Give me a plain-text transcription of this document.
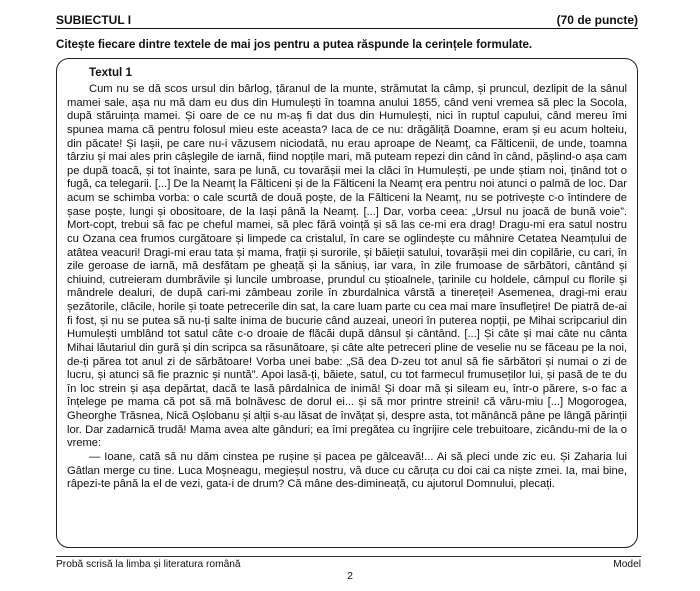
SUBIECTUL I	(70 de puncte)
Citește fiecare dintre textele de mai jos pentru a putea răspunde la cerințele formulate.
Textul 1

Cum nu se dă scos ursul din bârlog, țăranul de la munte, strămutat la câmp, și pruncul, dezlipit de la sânul mamei sale, așa nu mă dam eu dus din Humulești în toamna anului 1855, când veni vremea să plec la Socola, după stăruința mamei. Și oare de ce nu m-aș fi dat dus din Humulești, nici în ruptul capului, când mereu îmi spunea mama că pentru folosul mieu este aceasta? Iaca de ce nu: drăgăliță Doamne, eram și eu acum holteiu, din păcate! Și Iașii, pe care nu-i văzusem niciodată, nu erau aproape de Neamț, ca Fălticenii, de unde, toamna târziu și mai ales prin câșlegile de iarnă, fiind nopțile mari, mă puteam repezi din când în când, pășlind-o așa cam pe după toacă, și tot înainte, sara pe lună, cu tovarășii mei la clăci în Humulești, pe unde știam noi, ținând tot o fugă, ca telegarii. [...] De la Neamț la Fălticeni și de la Fălticeni la Neamț era pentru noi atunci o palmă de loc. Dar acum se schimba vorba: o cale scurtă de două poște, de la Fălticeni la Neamț, nu se potrivește c-o întindere de șase poște, lungi și obositoare, de la Iași până la Neamț. [...] Dar, vorba ceea: „Ursul nu joacă de bună voie”. Mort-copt, trebui să fac pe cheful mamei, să plec fără voință și să las ce-mi era drag! Dragu-mi era satul nostru cu Ozana cea frumos curgătoare și limpede ca cristalul, în care se oglindește cu mâhnire Cetatea Neamțului de atâtea veacuri! Dragi-mi erau tata și mama, frații și surorile, și băieții satului, tovarășii mei din copilărie, cu cari, în zile geroase de iarnă, mă desfătam pe gheață și la săniuș, iar vara, în zile frumoase de sărbători, cântând și chiuind, cutreieram dumbrăvile și luncile umbroase, prundul cu știoalnele, țarinile cu holdele, câmpul cu florile și mândrele dealuri, de după cari-mi zâmbeau zorile în zburdalnica vârstă a tinereței! Asemenea, dragi-mi erau șezătorile, clăcile, horile și toate petrecerile din sat, la care luam parte cu cea mai mare însuflețire! De piatră de-ai fi fost, și nu se putea să nu-ți salte inima de bucurie când auzeai, uneori în puterea nopții, pe Mihai scripcariul din Humulești umblând tot satul câte c-o droaie de flăcăi după dânsul și cântând. [...] Și câte și mai câte nu cânta Mihai lăutariul din gură și din scripca sa răsunătoare, și câte alte petreceri pline de veselie nu se făceau pe la noi, de-ți părea tot anul zi de sărbătoare! Vorba unei babe: „Să dea D-zeu tot anul să fie sărbători și numai o zi de lucru, și atunci să fie praznic și nuntă”. Apoi lasă-ți, băiete, satul, cu tot farmecul frumuseților lui, și pasă de te du în loc strein și așa depărtat, dacă te lasă pârdalnica de inimă! Și doar mă și sileam eu, într-o părere, s-o fac a înțelege pe mama că pot să mă bolnăvesc de dorul ei... și să mor printre streini! că văru-miu [...] Mogorogea, Gheorghe Trăsnea, Nică Oșlobanu și alții s-au lăsat de învățat și, despre asta, tot mănâncă pâne pe lângă părinții lor. Dar zadarnică trudă! Mama avea alte gânduri; ea îmi pregătea cu îngrijire cele trebuitoare, zicându-mi de la o vreme:

— Ioane, cată să nu dăm cinstea pe rușine și pacea pe gâlceavă!... Ai să pleci unde zic eu. Și Zaharia lui Gâtlan merge cu tine. Luca Moșneagu, megieșul nostru, vă duce cu căruța cu doi cai ca niște zmei. Ia, mai bine, râpezi-te până la el de vezi, gata-i de drum? Că mâne des-dimineață, cu ajutorul Domnului, plecați.

Probă scrisă la limba și literatura română	Model
2
